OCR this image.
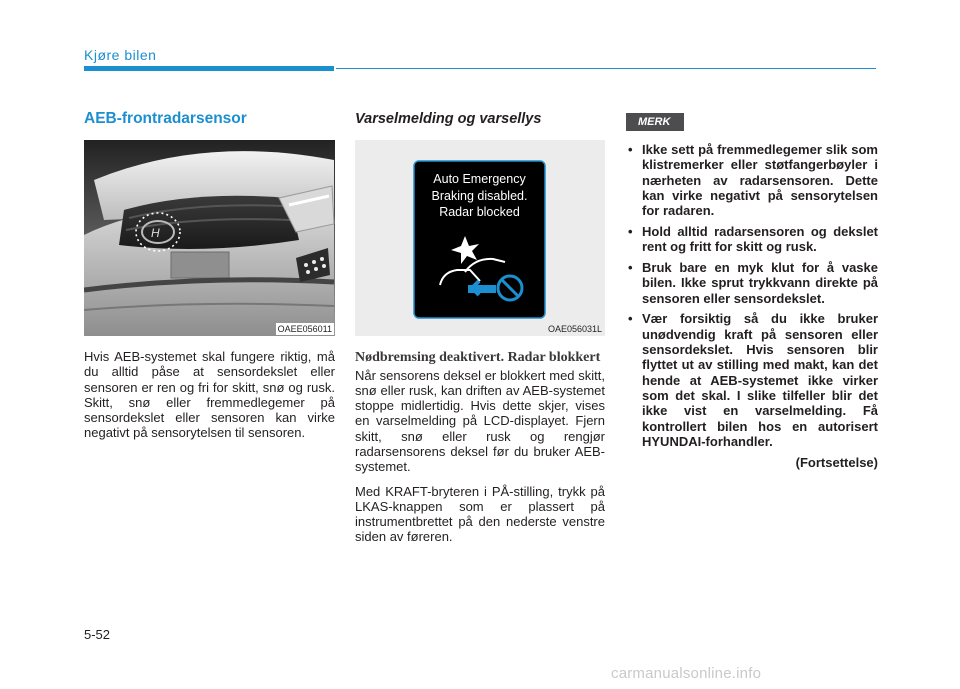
Kjøre bilen
AEB-frontradarsensor
H
OAEE056011

Hvis AEB-systemet skal fungere riktig, må du alltid påse at sensordekslet eller sensoren er ren og fri for skitt, snø og rusk. Skitt, snø eller fremmedlegemer på sensordekslet eller sensoren kan virke negativt på sensorytelsen til sensoren.

Varselmelding og varsellys
Auto Emergency
Braking disabled.
Radar blocked
OAE056031L
Nødbremsing deaktivert. Radar blokkert

Når sensorens deksel er blokkert med skitt, snø eller rusk, kan driften av AEB-systemet stoppe midlertidig. Hvis dette skjer, vises en varselmelding på LCD-displayet. Fjern skitt, snø eller rusk og rengjør radarsensorens deksel før du bruker AEB-systemet.

Med KRAFT-bryteren i PÅ-stilling, trykk på LKAS-knappen som er plassert på instrumentbrettet på den nederste venstre siden av føreren.

MERK
• Ikke sett på fremmedlegemer slik som klistremerker eller støtfangerbøyler i nærheten av radarsensoren. Dette kan virke negativt på sensorytelsen for radaren.
• Hold alltid radarsensoren og dekslet rent og fritt for skitt og rusk.
• Bruk bare en myk klut for å vaske bilen. Ikke sprut trykkvann direkte på sensoren eller sensordekslet.
• Vær forsiktig så du ikke bruker unødvendig kraft på sensoren eller sensordekslet. Hvis sensoren blir flyttet ut av stilling med makt, kan det hende at AEB-systemet ikke virker som det skal. I slike tilfeller blir det ikke vist en varselmelding. Få kontrollert bilen hos en autorisert HYUNDAI-forhandler.

(Fortsettelse)

5-52
carmanualsonline.info
